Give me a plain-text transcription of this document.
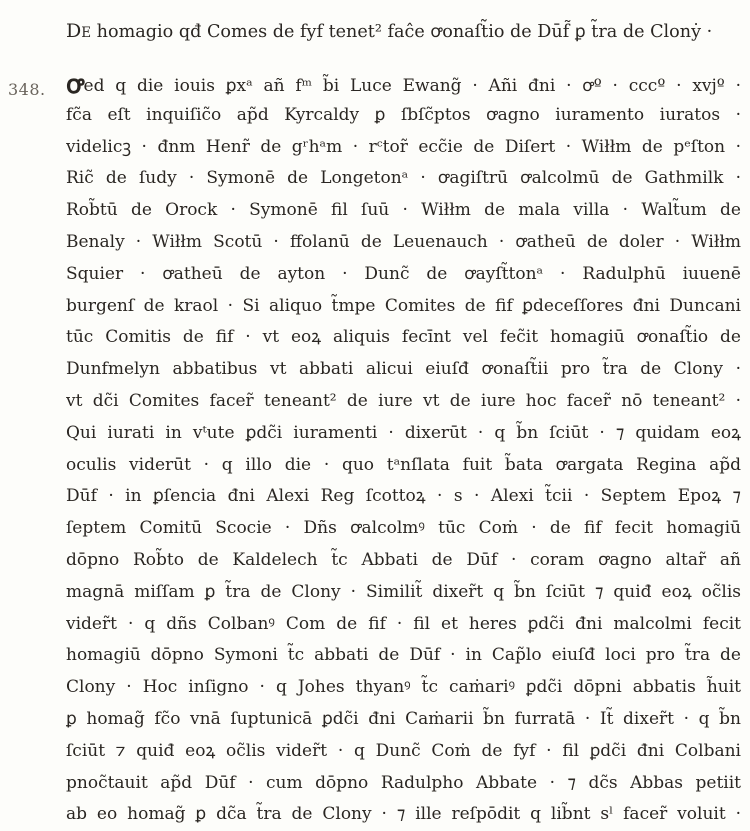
DE homagio qđ Comes de fyf tenet² faĉe ꝍonaſt̃io de Dūf̃ ꝑ t̃ra de Clonẏ ·
348. ꝍed q die iouis ꝑxᵃ añ fᵐ b̃i Luce Ewang̃ · Añi đni · ꝍº · cccº · xvjº ·
fc̃a eſt inquiſic̃o ap̃d Kyrcaldy ꝑ ſbſc̃ptos ꝍagno iuramento iuratos ·
videlicꝫ · đnm Henr̃ de gʳhᵃm · rᶜtor̃ ecc̃ie de Diſert · Wiłłm de pᵉſton ·
Ric̃ de ſudy · Symonē de Longetonᵃ · ꝍagiſtrū ꝍalcolmū de Gathmilk ·
Rob̃tū de Orock · Symonē fil ſuū · Wiłłm de mala villa · Walt̃um de
Benaly · Wiłłm Scotū · ffolanū de Leuenauch · ꝍatheū de doler · Wiłłm
Squier · ꝍatheū de ayton · Dunc̃ de ꝍayſt̃tonᵃ · Radulphū iuuenē
burgenſ de kraol · Si aliquo t̃mpe Comites de fif ꝑdeceſſores đni Duncani
tūc Comitis de fif · vt eoꝝ aliquis fecīnt vel fec̃it homagiū ꝍonaſt̃io de
Dunfmelyn abbatibus vt abbati alicui eiuſđ ꝍonaſt̃ii pro t̃ra de Clony ·
vt dc̃i Comites facer̃ teneant² de iure vt de iure hoc facer̃ nō teneant² ·
Qui iurati in vᵗute ꝑdc̃i iuramenti · dixerūt · q b̃n ſciūt · ⁊ quidam eoꝝ
oculis viderūt · q illo die · quo tᵃnſlata fuit b̃ata ꝍargata Regina ap̃d
Dūf · in ꝑſencia đni Alexi Reg ſcottoꝝ · s · Alexi t̃cii · Septem Epoꝝ ⁊
ſeptem Comitū Scocie · Dñs ꝍalcolmꝰ tūc Coṁ · de fif fecit homagiū
dōpno Rob̃to de Kaldelech t̃c Abbati de Dūf · coram ꝍagno altar̃ añ
magnā miſſam ꝑ t̃ra de Clony · Similit̃ dixer̃t q b̃n ſciūt ⁊ quiđ eoꝝ oc̃lis
vider̃t · q dñs Colbanꝰ Com de fif · fil et heres ꝑdc̃i đni malcolmi fecit
homagiū dōpno Symoni t̃c abbati de Dūf · in Cap̃lo eiuſđ loci pro t̃ra de
Clony · Hoc inſigno · q Johes thyanꝰ t̃c caṁariꝰ ꝑdc̃i dōpni abbatis h̃uit
ꝑ homag̃ fc̃o vnā ſuptunicā ꝑdc̃i đni Caṁarii b̃n furratā · It̃ dixer̃t · q b̃n
ſciūt ⁊ quiđ eoꝝ oc̃lis vider̃t · q Dunc̃ Coṁ de fyf · fil ꝑdc̃i đni Colbani
pnoc̃tauit ap̃d Dūf · cum dōpno Radulpho Abbate · ⁊ dc̃s Abbas petiit
ab eo homag̃ ꝑ dc̃a t̃ra de Clony · ⁊ ille reſpōdit q lib̃nt sˡ facer̃ voluit ·
